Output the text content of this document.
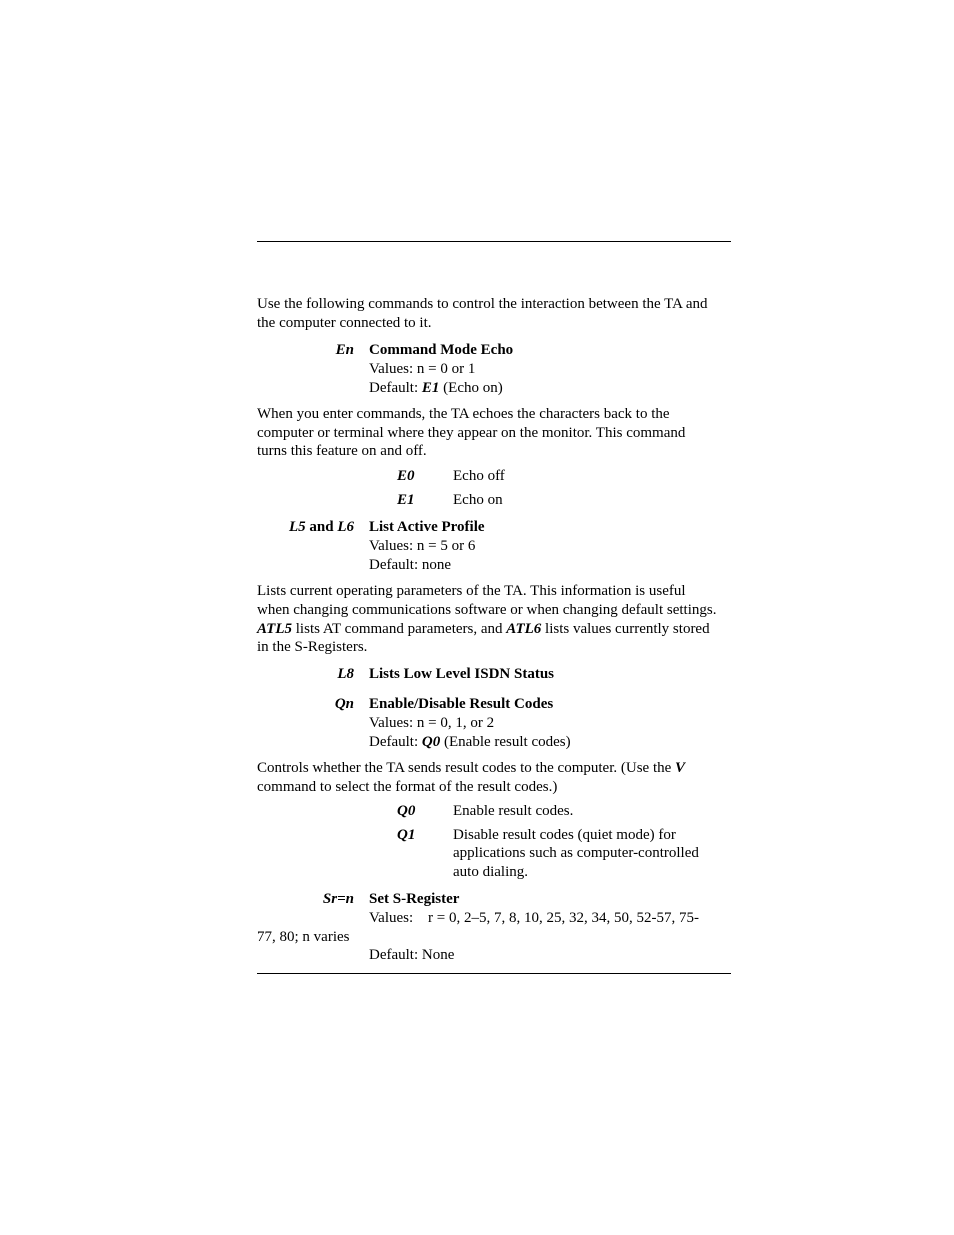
Use the following commands to control the interaction between the TA and
the computer connected to it.
En Command Mode Echo
Values: n = 0 or 1
Default: E1 (Echo on)
When you enter commands, the TA echoes the characters back to the
computer or terminal where they appear on the monitor. This command
turns this feature on and off.
E0	Echo off
E1	Echo on
L5 and L6 List Active Profile
Values: n = 5 or 6
Default: none
Lists current operating parameters of the TA. This information is useful
when changing communications software or when changing default settings.
ATL5 lists AT command parameters, and ATL6 lists values currently stored
in the S-Registers.
L8 Lists Low Level ISDN Status
Qn Enable/Disable Result Codes
Values: n = 0, 1, or 2
Default: Q0 (Enable result codes)
Controls whether the TA sends result codes to the computer. (Use the V
command to select the format of the result codes.)
Q0	Enable result codes.
Q1	Disable result codes (quiet mode) for
applications such as computer-controlled
auto dialing.
Sr=n Set S-Register
Values: r = 0, 2–5, 7, 8, 10, 25, 32, 34, 50, 52-57, 75-
77, 80; n varies
Default: None
